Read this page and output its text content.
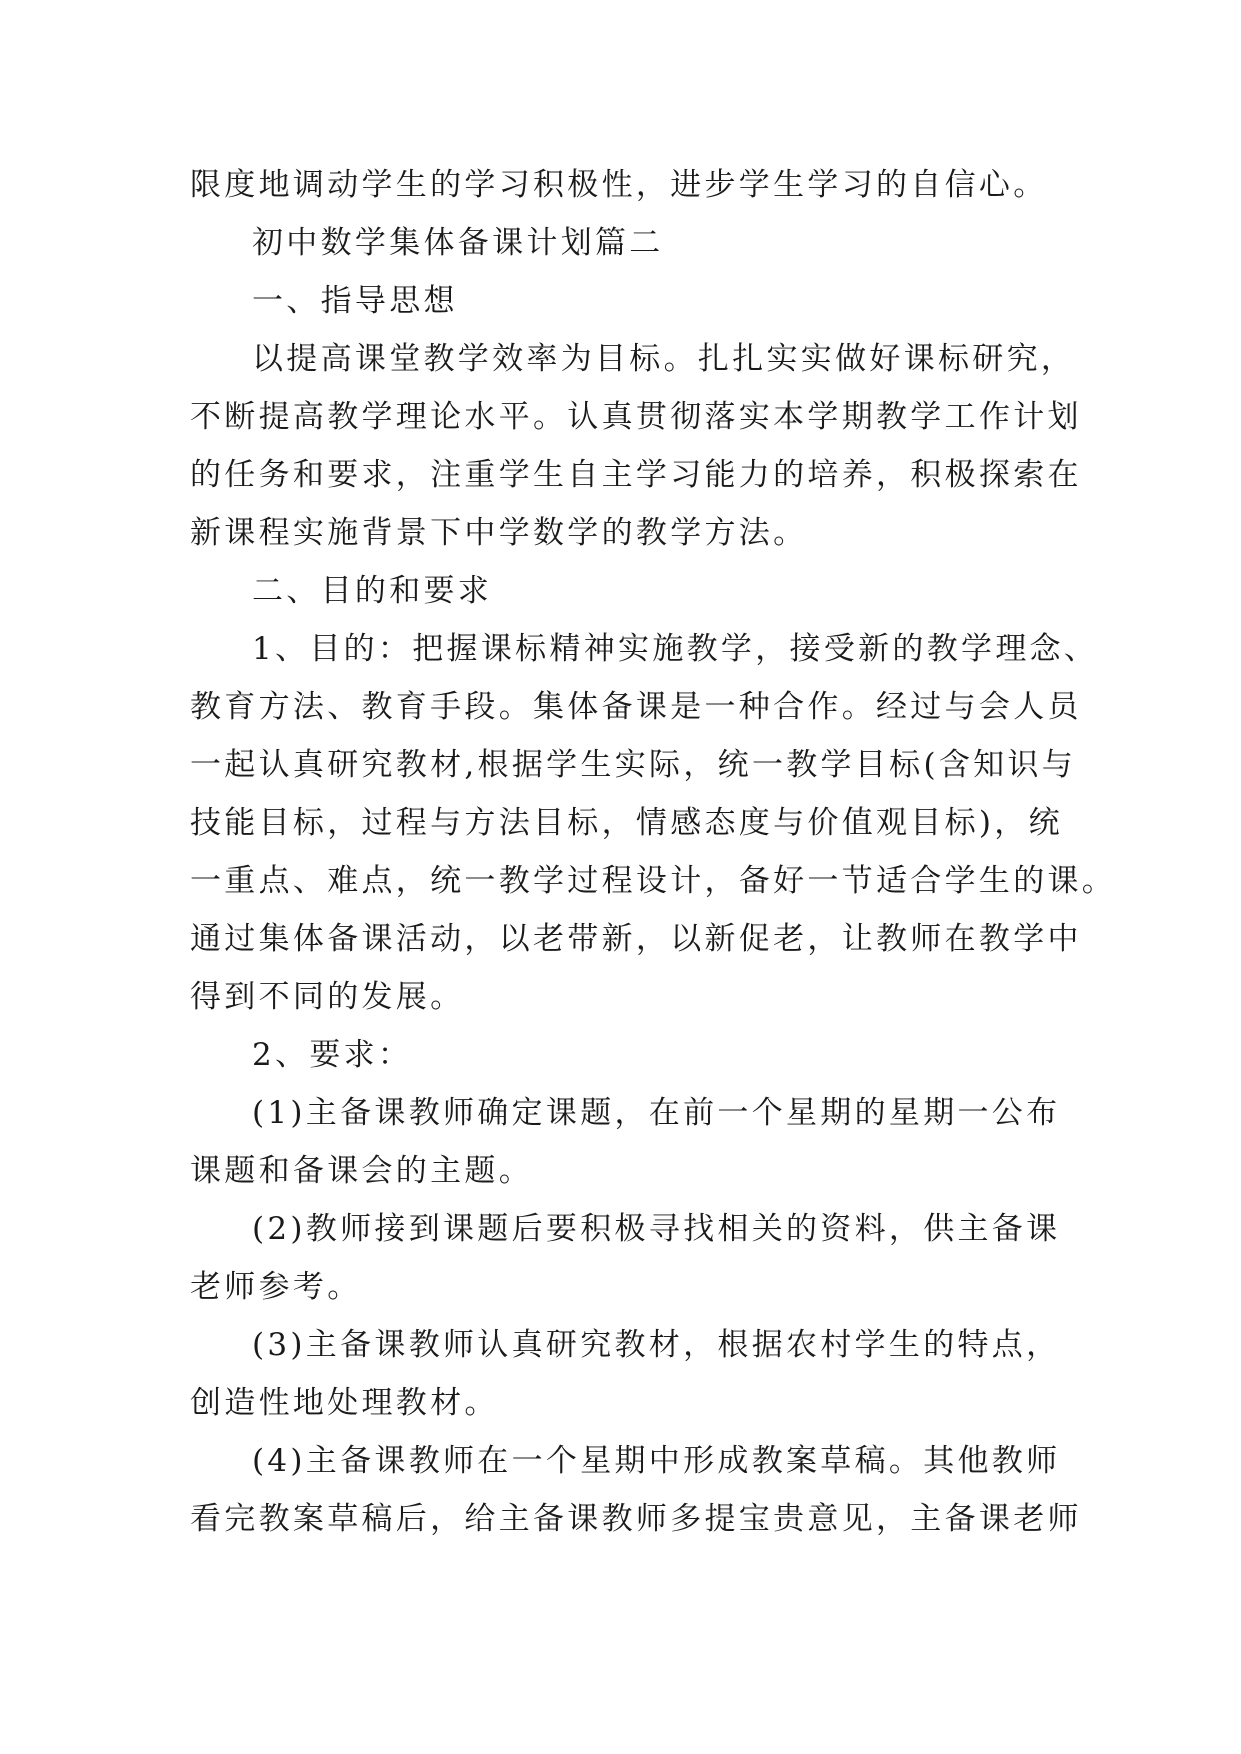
限度地调动学生的学习积极性，进步学生学习的自信心。

初中数学集体备课计划篇二

一、指导思想

以提高课堂教学效率为目标。扎扎实实做好课标研究，

不断提高教学理论水平。认真贯彻落实本学期教学工作计划

的任务和要求，注重学生自主学习能力的培养，积极探索在

新课程实施背景下中学数学的教学方法。

二、目的和要求

1、目的：把握课标精神实施教学，接受新的教学理念、

教育方法、教育手段。集体备课是一种合作。经过与会人员

一起认真研究教材,根据学生实际，统一教学目标(含知识与

技能目标，过程与方法目标，情感态度与价值观目标)，统

一重点、难点，统一教学过程设计，备好一节适合学生的课。

通过集体备课活动，以老带新，以新促老，让教师在教学中

得到不同的发展。

2、要求：

(1)主备课教师确定课题，在前一个星期的星期一公布

课题和备课会的主题。

(2)教师接到课题后要积极寻找相关的资料，供主备课

老师参考。

(3)主备课教师认真研究教材，根据农村学生的特点，

创造性地处理教材。

(4)主备课教师在一个星期中形成教案草稿。其他教师

看完教案草稿后，给主备课教师多提宝贵意见，主备课老师
